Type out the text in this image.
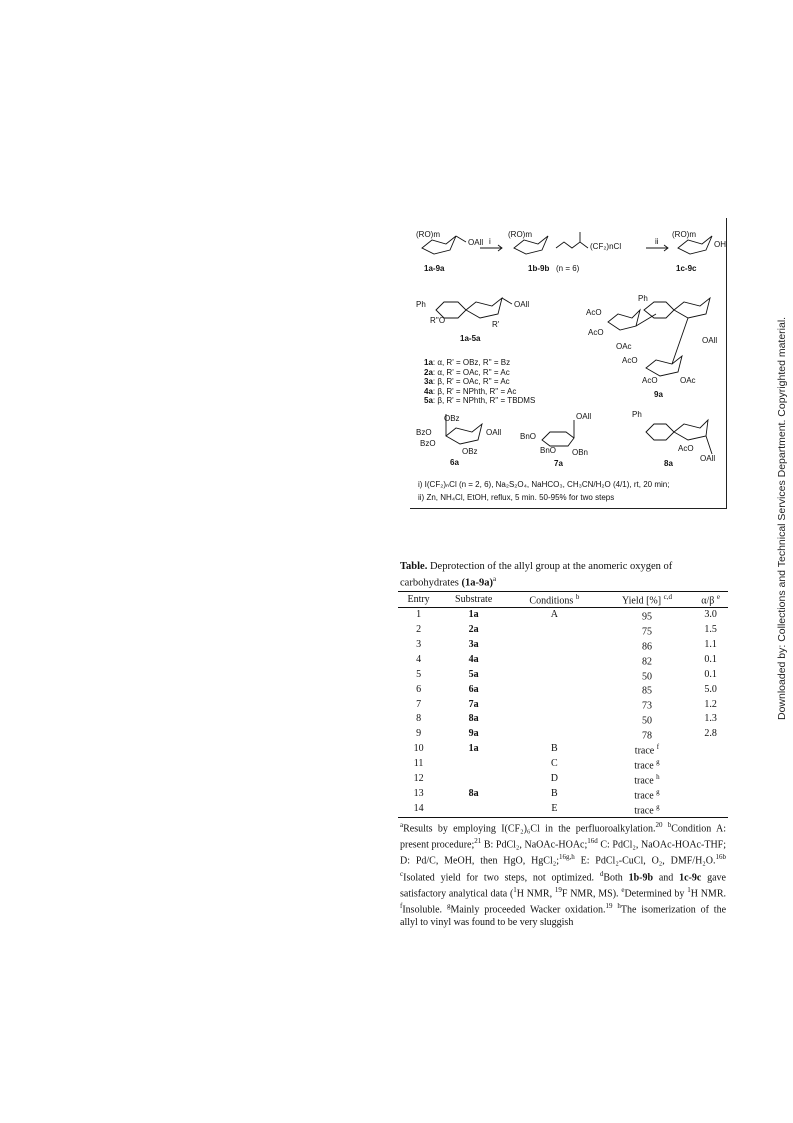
(RO)m
OAll i
(RO)m
(CF₂)nCl
ii
(RO)m
OH
1a-9a	1b-9b (n = 6)	1c-9c
Ph
R''O	R'
OAll
1a-5a
AcO
AcO
OAc
Ph
AcO
AcO	OAc
OAll
9a
1a: α, R' = OBz, R'' = Bz
2a: α, R' = OAc, R'' = Ac
3a: β, R' = OAc, R'' = Ac
4a: β, R' = NPhth, R'' = Ac
5a: β, R' = NPhth, R'' = TBDMS
OBz
BzO
BzO
OBz
OAll
6a
OAll
BnO
BnO OBn
7a
Ph
AcO
OAll
8a
i) I(CF₂)ₙCl (n = 2, 6), Na₂S₂O₄, NaHCO₃, CH₃CN/H₂O (4/1), rt, 20 min;
ii) Zn, NH₄Cl, EtOH, reflux, 5 min. 50-95% for two steps	Downloaded by: Collections and Technical Services Department. Copyrighted material.
Table. Deprotection of the allyl group at the anomeric oxygen of carbohydrates $(1a-9a)^a$
Entry	Substrate	Conditions $^b$	Yield [%] $^{c,d}$	α/β $^e$
1	1a	A	95	3.0
2	2a		75	1.5
3	3a		86	1.1
4	4a		82	0.1
5	5a		50	0.1
6	6a		85	5.0
7	7a		73	1.2
8	8a		50	1.3
9	9a		78	2.8
10	1a	B	trace $^f$	
11		C	trace $^g$	
12		D	trace $^h$	
13	8a	B	trace $^g$	
14		E	trace $^g$	
$^a$Results by employing I(CF₂)₆Cl in the perfluoroalkylation.$^{20}$ $^b$Condition A: present procedure;$^{21}$ B: PdCl₂, NaOAc-HOAc;$^{16d}$ C: PdCl₂, NaOAc-HOAc-THF; D: Pd/C, MeOH, then HgO, HgCl₂;$^{16g,h}$ E: PdCl₂-CuCl, O₂, DMF/H₂O.$^{16b}$ $^c$Isolated yield for two steps, not optimized. $^d$Both 1b-9b and 1c-9c gave satisfactory analytical data ($^1$H NMR, $^{19}$F NMR, MS). $^e$Determined by $^1$H NMR. $^f$Insoluble. $^g$Mainly proceeded Wacker oxidation.$^{19}$ $^h$The isomerization of the allyl to vinyl was found to be very sluggish
